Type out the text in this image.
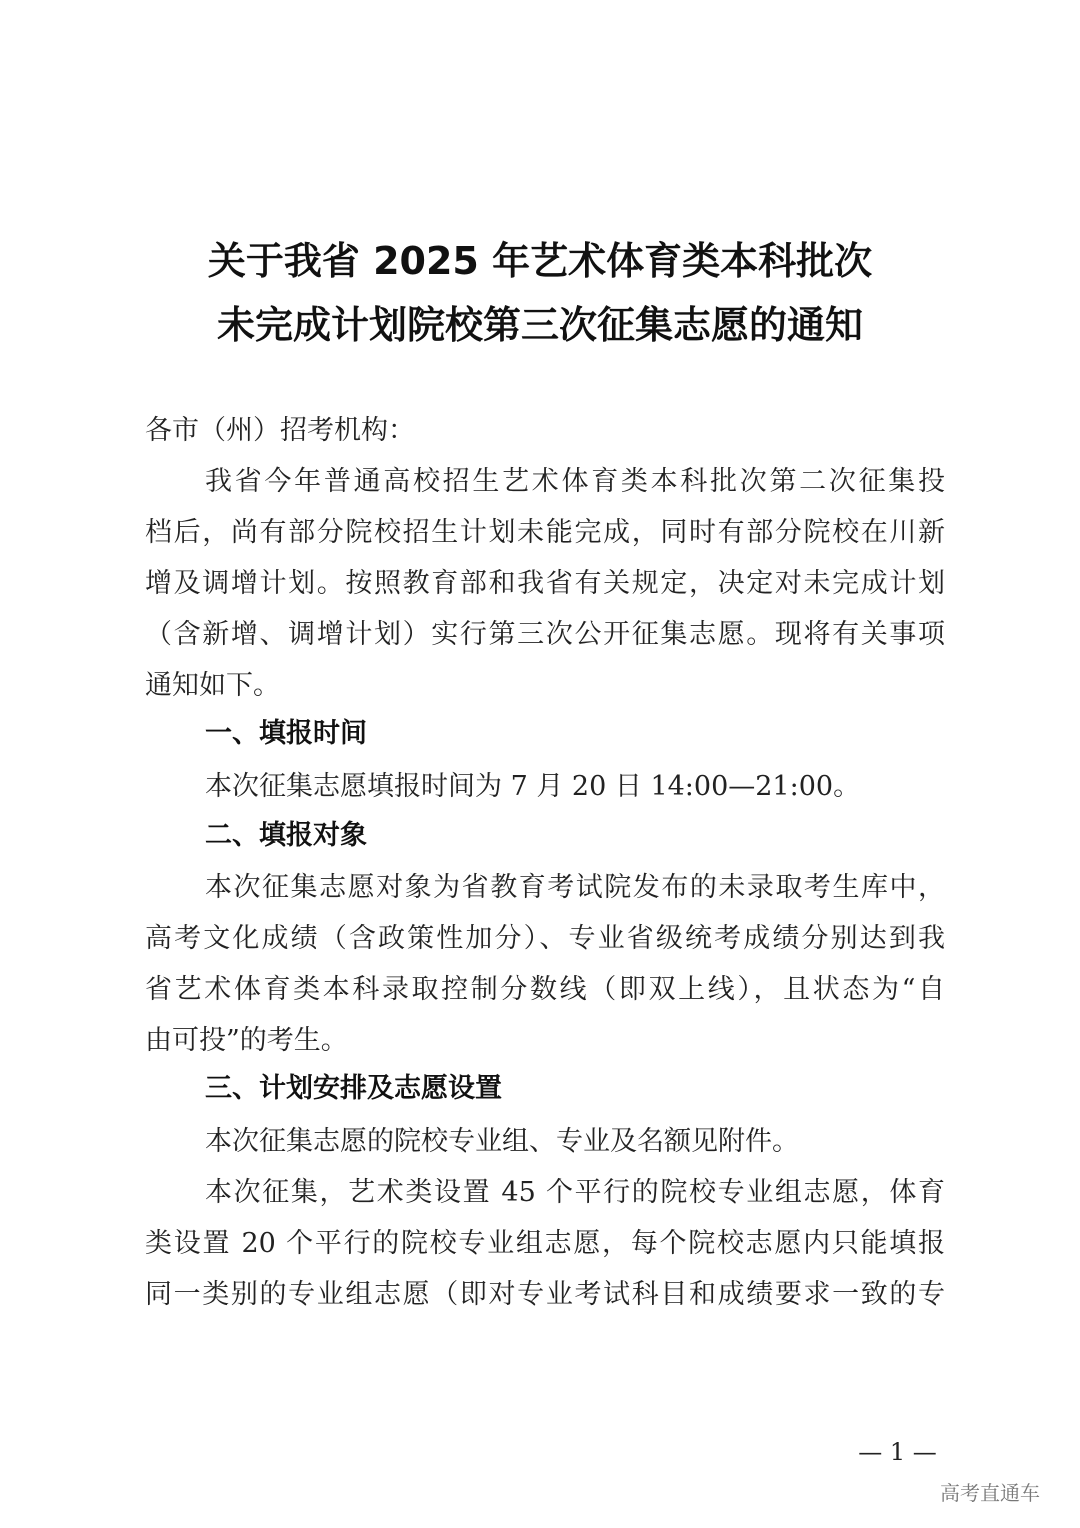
关于我省 2025 年艺术体育类本科批次
未完成计划院校第三次征集志愿的通知
各市（州）招考机构：
我省今年普通高校招生艺术体育类本科批次第二次征集投
档后，尚有部分院校招生计划未能完成，同时有部分院校在川新
增及调增计划。按照教育部和我省有关规定，决定对未完成计划
（含新增、调增计划）实行第三次公开征集志愿。现将有关事项
通知如下。
一、填报时间
本次征集志愿填报时间为 7 月 20 日 14:00—21:00。
二、填报对象
本次征集志愿对象为省教育考试院发布的未录取考生库中，
高考文化成绩（含政策性加分）、专业省级统考成绩分别达到我
省艺术体育类本科录取控制分数线（即双上线），且状态为“自
由可投”的考生。
三、计划安排及志愿设置
本次征集志愿的院校专业组、专业及名额见附件。
本次征集，艺术类设置 45 个平行的院校专业组志愿，体育
类设置 20 个平行的院校专业组志愿，每个院校志愿内只能填报
同一类别的专业组志愿（即对专业考试科目和成绩要求一致的专
— 1 —
高考直通车
